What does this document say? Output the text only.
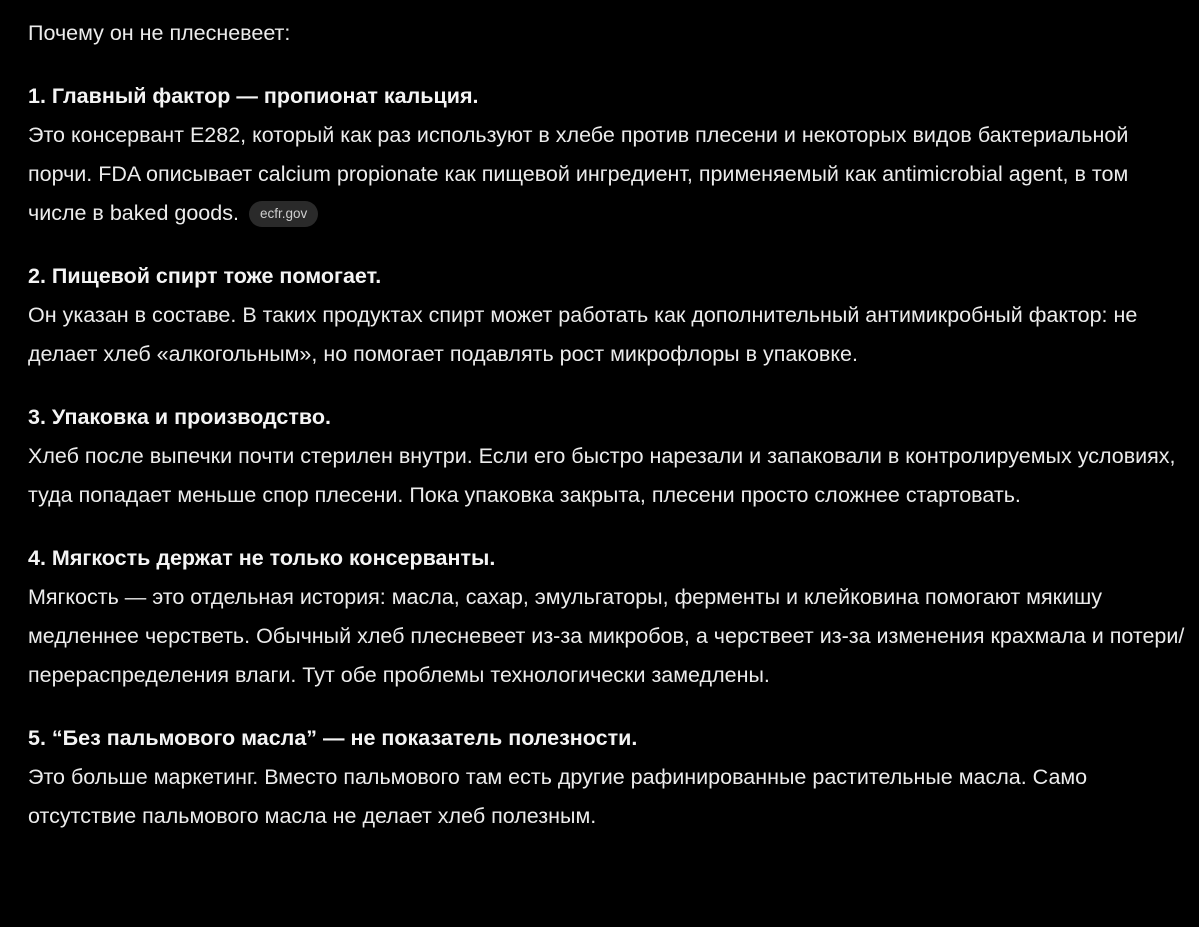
Почему он не плесневеет:
1. Главный фактор — пропионат кальция.
Это консервант E282, который как раз используют в хлебе против плесени и некоторых видов бактериальной порчи. FDA описывает calcium propionate как пищевой ингредиент, применяемый как antimicrobial agent, в том числе в baked goods. ecfr.gov
2. Пищевой спирт тоже помогает.
Он указан в составе. В таких продуктах спирт может работать как дополнительный антимикробный фактор: не делает хлеб «алкогольным», но помогает подавлять рост микрофлоры в упаковке.
3. Упаковка и производство.
Хлеб после выпечки почти стерилен внутри. Если его быстро нарезали и запаковали в контролируемых условиях, туда попадает меньше спор плесени. Пока упаковка закрыта, плесени просто сложнее стартовать.
4. Мягкость держат не только консерванты.
Мягкость — это отдельная история: масла, сахар, эмульгаторы, ферменты и клейковина помогают мякишу медленнее черстветь. Обычный хлеб плесневеет из-за микробов, а черствеет из-за изменения крахмала и потери/перераспределения влаги. Тут обе проблемы технологически замедлены.
5. “Без пальмового масла” — не показатель полезности.
Это больше маркетинг. Вместо пальмового там есть другие рафинированные растительные масла. Само отсутствие пальмового масла не делает хлеб полезным.
